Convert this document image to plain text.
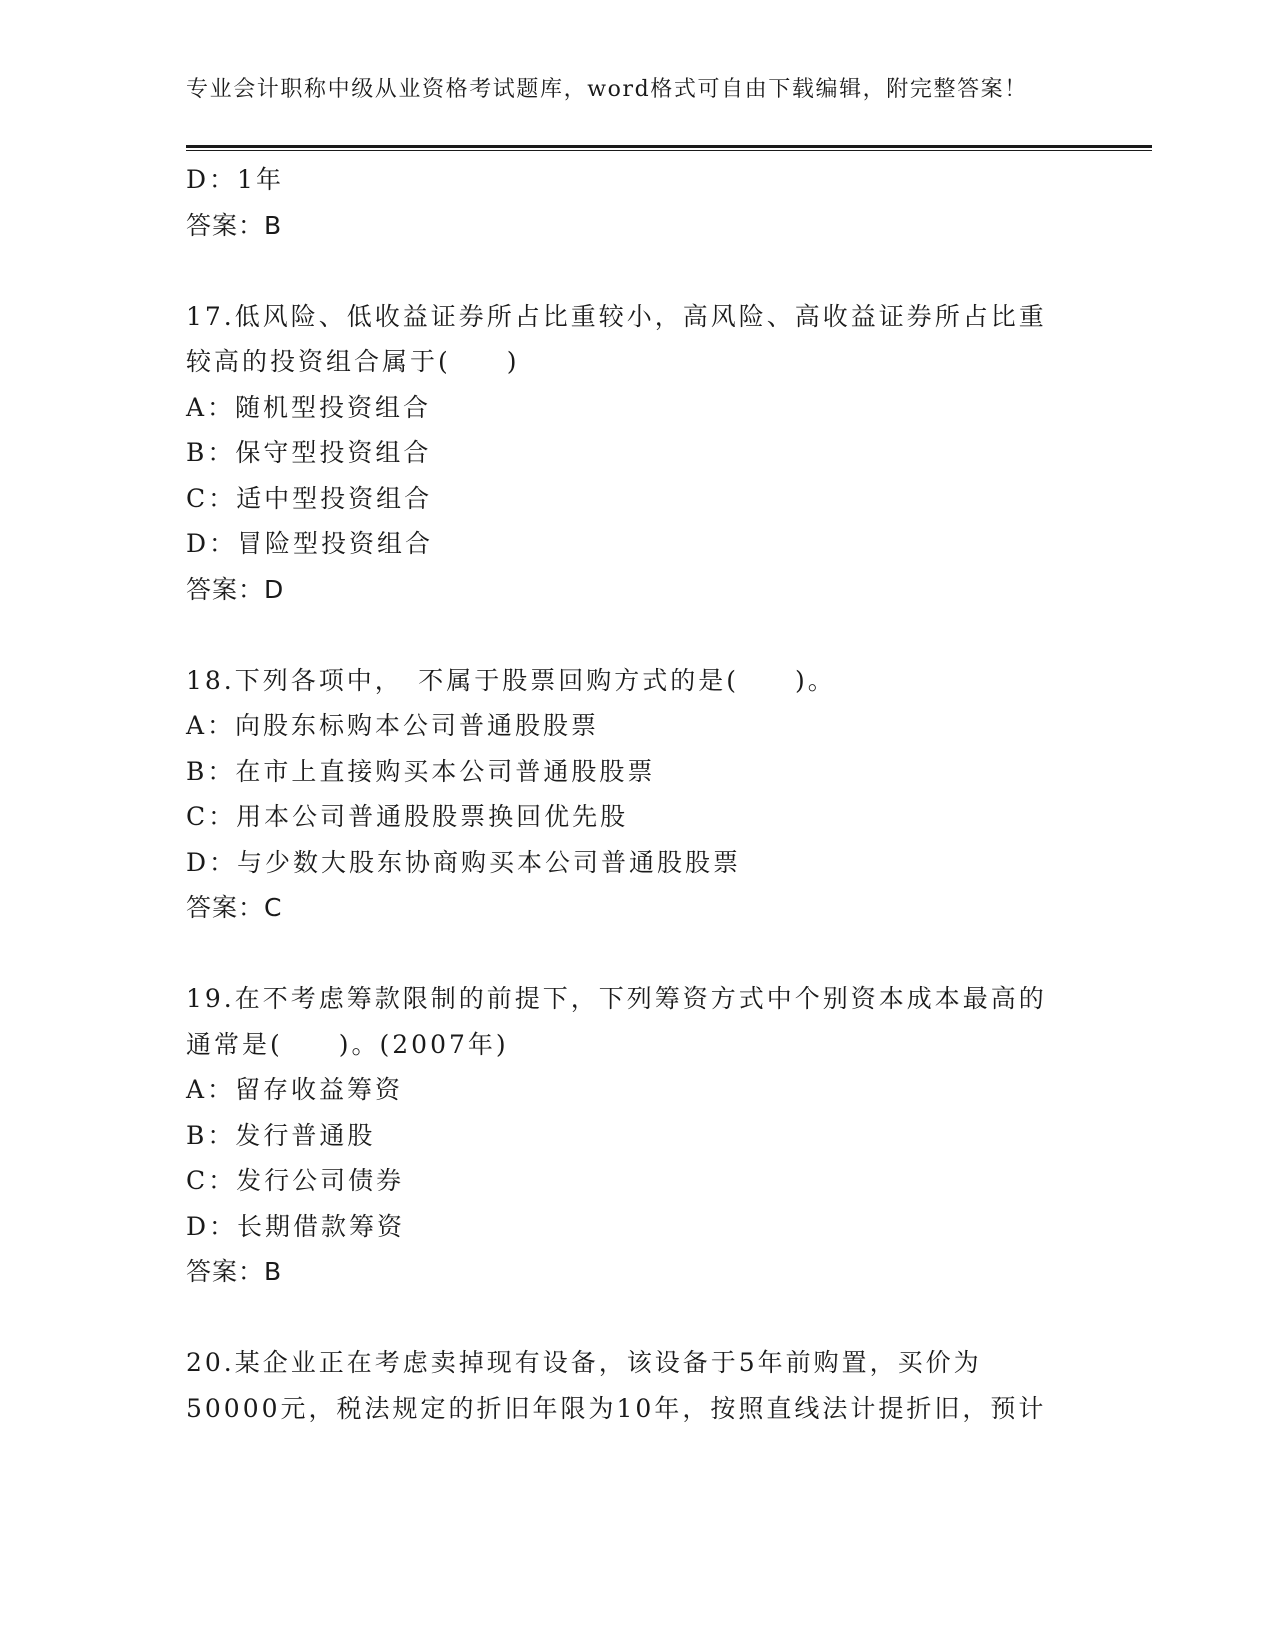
专业会计职称中级从业资格考试题库，word格式可自由下载编辑，附完整答案！
D：1年
答案：B
17.低风险、低收益证券所占比重较小，高风险、高收益证券所占比重
较高的投资组合属于(　　)
A：随机型投资组合
B：保守型投资组合
C：适中型投资组合
D：冒险型投资组合
答案：D
18.下列各项中，　不属于股票回购方式的是(　　)。
A：向股东标购本公司普通股股票
B：在市上直接购买本公司普通股股票
C：用本公司普通股股票换回优先股
D：与少数大股东协商购买本公司普通股股票
答案：C
19.在不考虑筹款限制的前提下，下列筹资方式中个别资本成本最高的
通常是(　　)。(2007年)
A：留存收益筹资
B：发行普通股
C：发行公司债券
D：长期借款筹资
答案：B
20.某企业正在考虑卖掉现有设备，该设备于5年前购置，买价为
50000元，税法规定的折旧年限为10年，按照直线法计提折旧，预计
